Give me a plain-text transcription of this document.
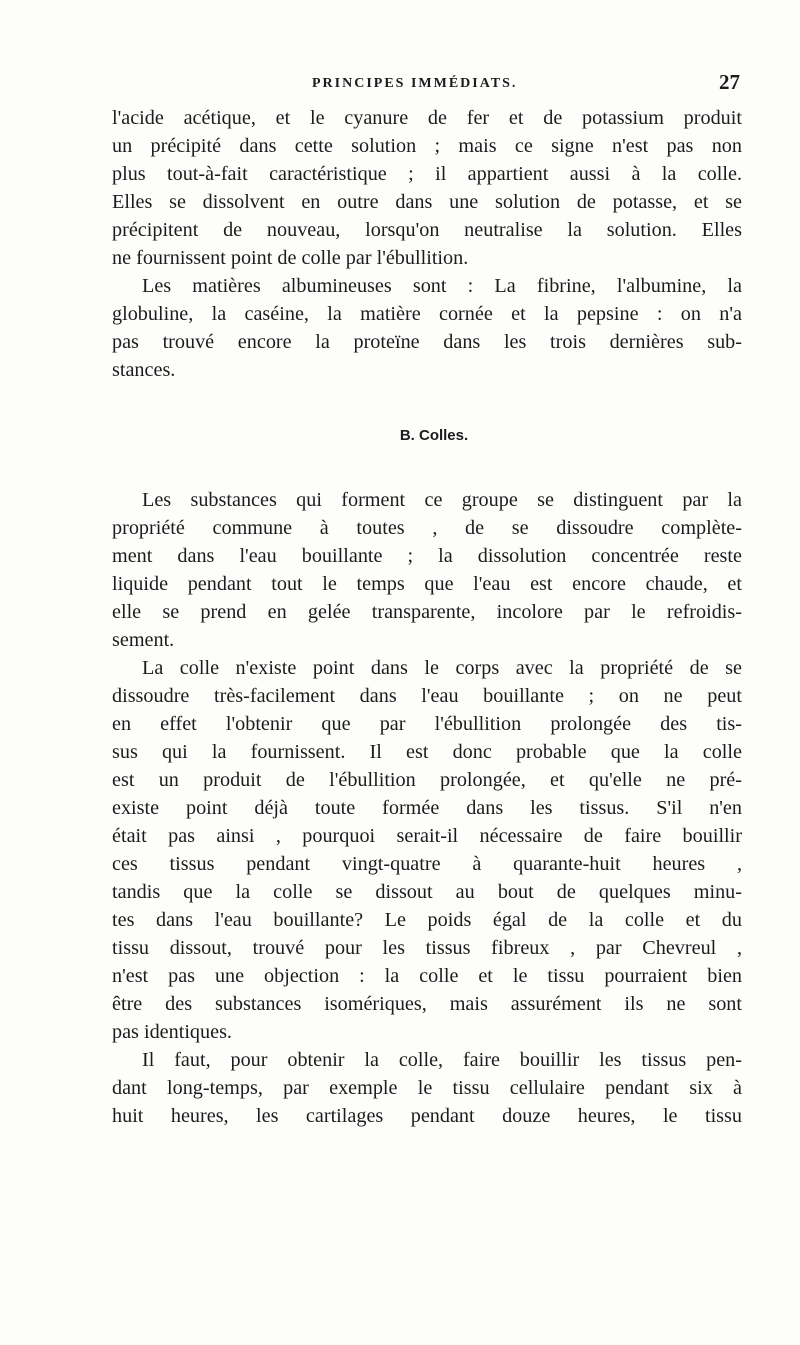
PRINCIPES IMMÉDIATS.	27
l'acide acétique, et le cyanure de fer et de potassium produit
un précipité dans cette solution ; mais ce signe n'est pas non
plus tout-à-fait caractéristique ; il appartient aussi à la colle.
Elles se dissolvent en outre dans une solution de potasse, et se
précipitent de nouveau, lorsqu'on neutralise la solution. Elles
ne fournissent point de colle par l'ébullition.
Les matières albumineuses sont : La fibrine, l'albumine, la
globuline, la caséine, la matière cornée et la pepsine : on n'a
pas trouvé encore la proteïne dans les trois dernières sub-
stances.
B. Colles.
Les substances qui forment ce groupe se distinguent par la
propriété commune à toutes , de se dissoudre complète-
ment dans l'eau bouillante ; la dissolution concentrée reste
liquide pendant tout le temps que l'eau est encore chaude, et
elle se prend en gelée transparente, incolore par le refroidis-
sement.
La colle n'existe point dans le corps avec la propriété de se
dissoudre très-facilement dans l'eau bouillante ; on ne peut
en effet l'obtenir que par l'ébullition prolongée des tis-
sus qui la fournissent. Il est donc probable que la colle
est un produit de l'ébullition prolongée, et qu'elle ne pré-
existe point déjà toute formée dans les tissus. S'il n'en
était pas ainsi , pourquoi serait-il nécessaire de faire bouillir
ces tissus pendant vingt-quatre à quarante-huit heures ,
tandis que la colle se dissout au bout de quelques minu-
tes dans l'eau bouillante? Le poids égal de la colle et du
tissu dissout, trouvé pour les tissus fibreux , par Chevreul ,
n'est pas une objection : la colle et le tissu pourraient bien
être des substances isomériques, mais assurément ils ne sont
pas identiques.
Il faut, pour obtenir la colle, faire bouillir les tissus pen-
dant long-temps, par exemple le tissu cellulaire pendant six à
huit heures, les cartilages pendant douze heures, le tissu
